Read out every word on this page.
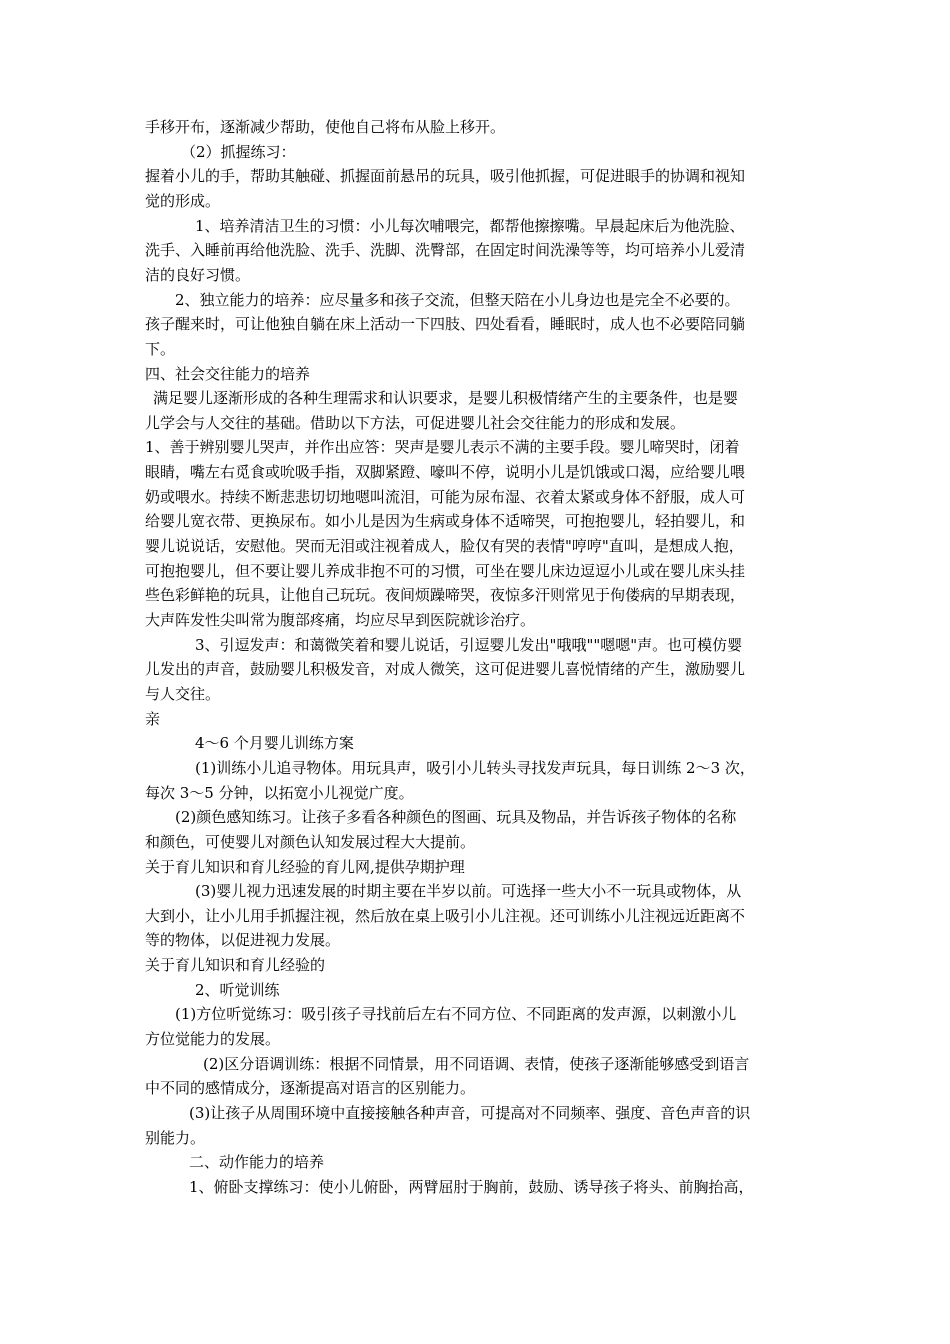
手移开布，逐渐减少帮助，使他自己将布从脸上移开。
（2）抓握练习：
握着小儿的手，帮助其触碰、抓握面前悬吊的玩具，吸引他抓握，可促进眼手的协调和视知
觉的形成。
1、培养清洁卫生的习惯：小儿每次哺喂完，都帮他擦擦嘴。早晨起床后为他洗脸、
洗手、入睡前再给他洗脸、洗手、洗脚、洗臀部，在固定时间洗澡等等，均可培养小儿爱清
洁的良好习惯。
2、独立能力的培养：应尽量多和孩子交流，但整天陪在小儿身边也是完全不必要的。
孩子醒来时，可让他独自躺在床上活动一下四肢、四处看看，睡眠时，成人也不必要陪同躺
下。
四、社会交往能力的培养
满足婴儿逐渐形成的各种生理需求和认识要求，是婴儿积极情绪产生的主要条件，也是婴
儿学会与人交往的基础。借助以下方法，可促进婴儿社会交往能力的形成和发展。
1、善于辨别婴儿哭声，并作出应答：哭声是婴儿表示不满的主要手段。婴儿啼哭时，闭着
眼睛，嘴左右觅食或吮吸手指，双脚紧蹬、嚎叫不停，说明小儿是饥饿或口渴，应给婴儿喂
奶或喂水。持续不断悲悲切切地嗯叫流泪，可能为尿布湿、衣着太紧或身体不舒服，成人可
给婴儿宽衣带、更换尿布。如小儿是因为生病或身体不适啼哭，可抱抱婴儿，轻拍婴儿，和
婴儿说说话，安慰他。哭而无泪或注视着成人，脸仅有哭的表情"哼哼"直叫，是想成人抱，
可抱抱婴儿，但不要让婴儿养成非抱不可的习惯，可坐在婴儿床边逗逗小儿或在婴儿床头挂
些色彩鲜艳的玩具，让他自己玩玩。夜间烦躁啼哭，夜惊多汗则常见于佝偻病的早期表现，
大声阵发性尖叫常为腹部疼痛，均应尽早到医院就诊治疗。
3、引逗发声：和蔼微笑着和婴儿说话，引逗婴儿发出"哦哦""嗯嗯"声。也可模仿婴
儿发出的声音，鼓励婴儿积极发音，对成人微笑，这可促进婴儿喜悦情绪的产生，激励婴儿
与人交往。
亲
4～6 个月婴儿训练方案
(1)训练小儿追寻物体。用玩具声，吸引小儿转头寻找发声玩具，每日训练 2～3 次，
每次 3～5 分钟，以拓宽小儿视觉广度。
(2)颜色感知练习。让孩子多看各种颜色的图画、玩具及物品，并告诉孩子物体的名称
和颜色，可使婴儿对颜色认知发展过程大大提前。
关于育儿知识和育儿经验的育儿网,提供孕期护理
(3)婴儿视力迅速发展的时期主要在半岁以前。可选择一些大小不一玩具或物体，从
大到小，让小儿用手抓握注视，然后放在桌上吸引小儿注视。还可训练小儿注视远近距离不
等的物体，以促进视力发展。
关于育儿知识和育儿经验的
2、听觉训练
(1)方位听觉练习：吸引孩子寻找前后左右不同方位、不同距离的发声源，以刺激小儿
方位觉能力的发展。
(2)区分语调训练：根据不同情景，用不同语调、表情，使孩子逐渐能够感受到语言
中不同的感情成分，逐渐提高对语言的区别能力。
(3)让孩子从周围环境中直接接触各种声音，可提高对不同频率、强度、音色声音的识
别能力。
二、动作能力的培养
1、俯卧支撑练习：使小儿俯卧，两臂屈肘于胸前，鼓励、诱导孩子将头、前胸抬高，
